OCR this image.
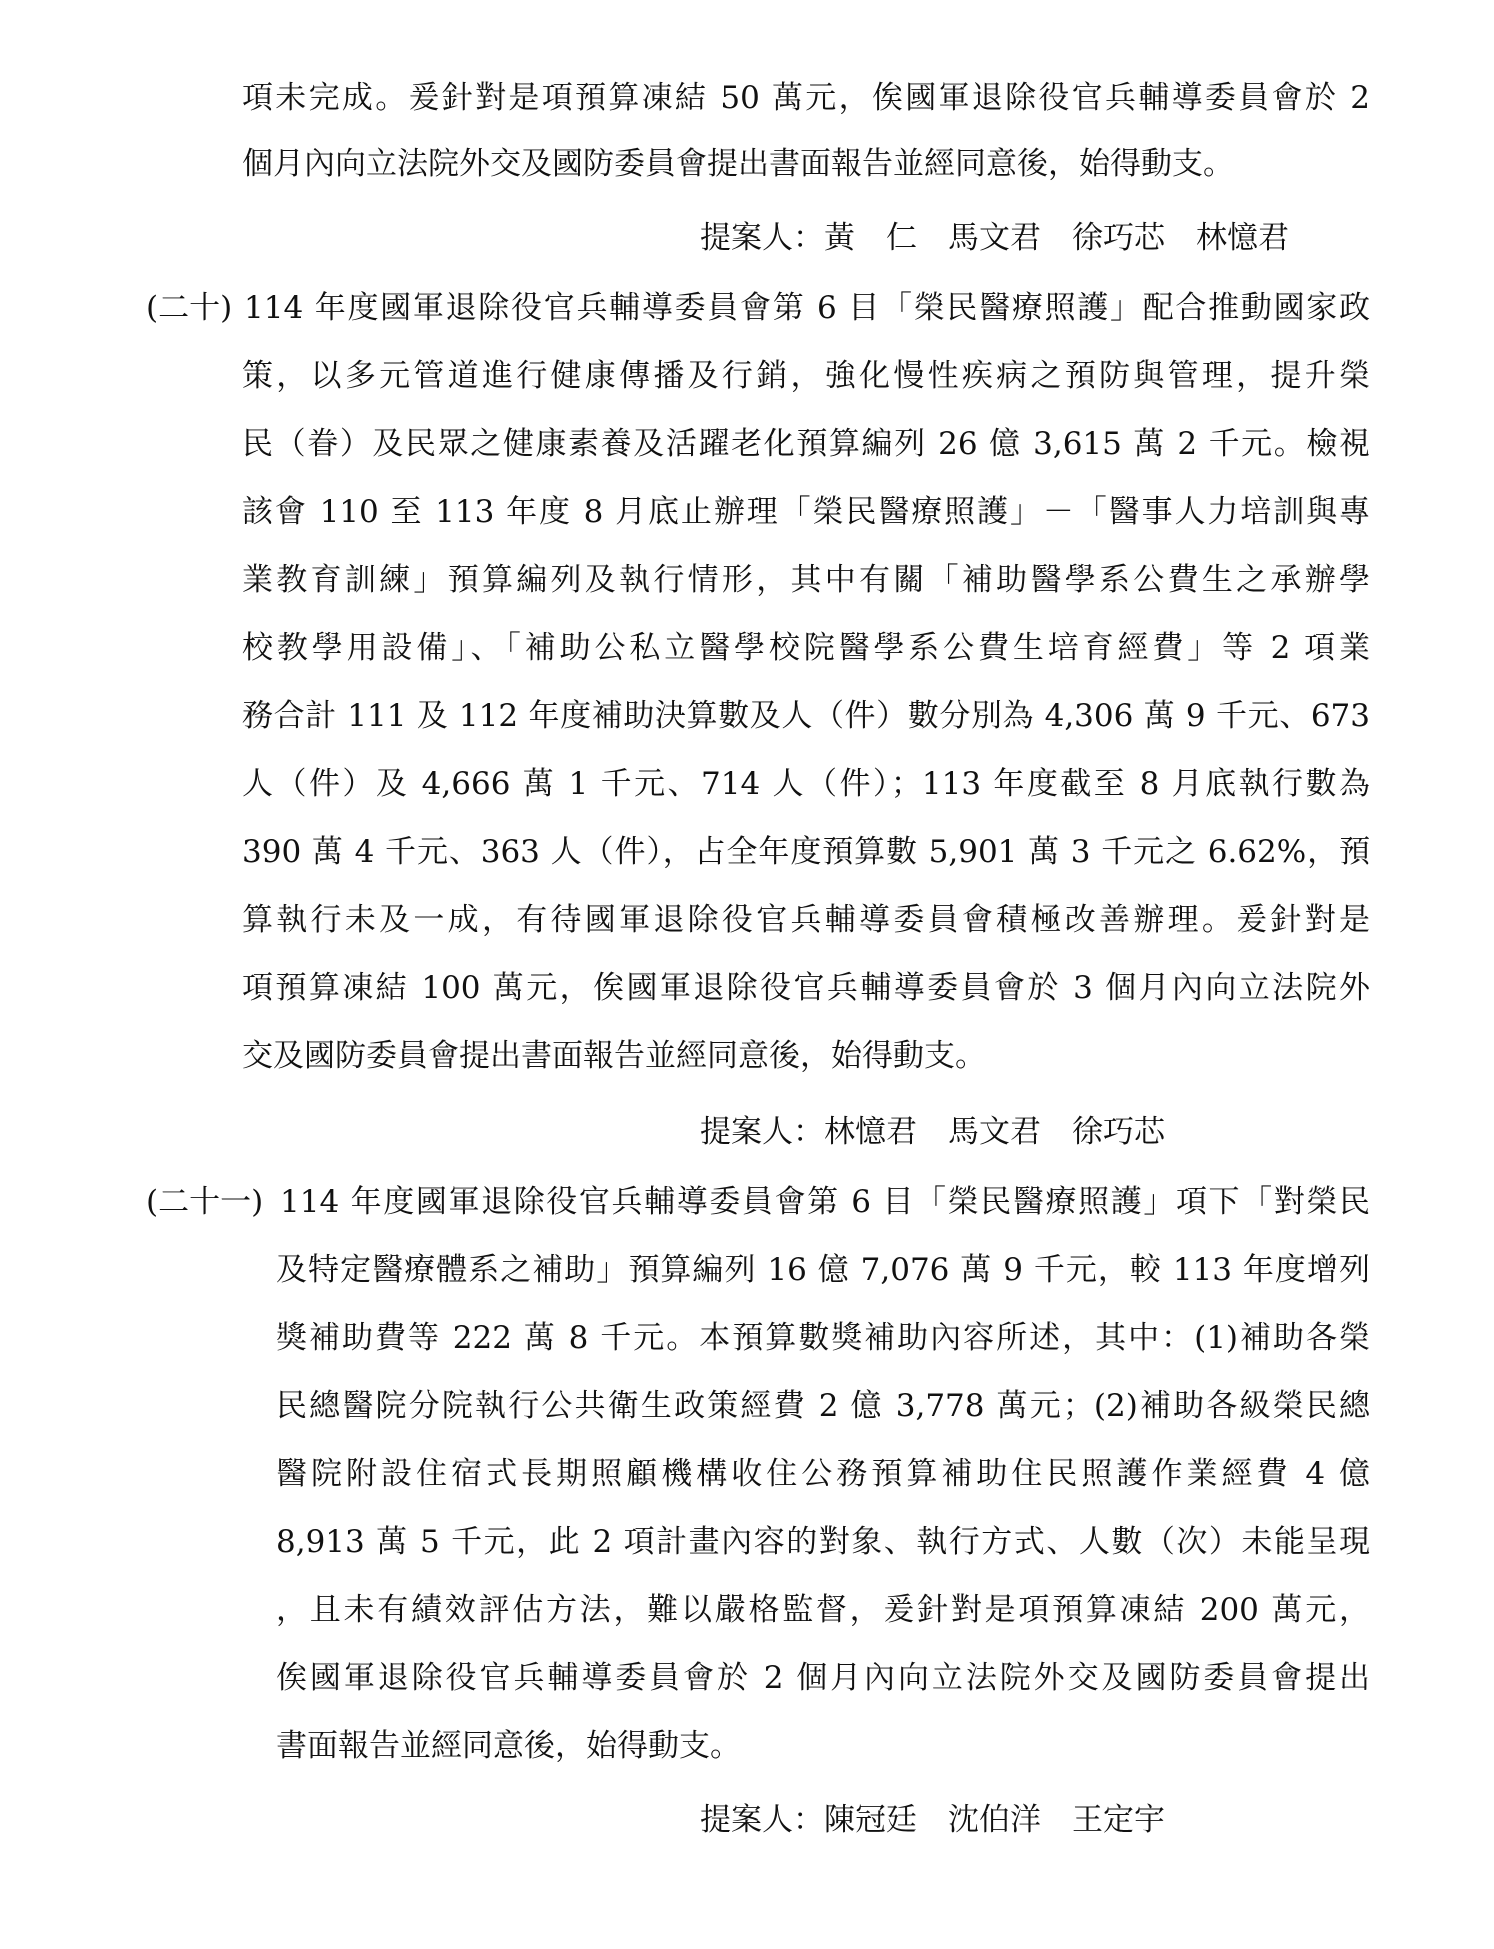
項未完成。爰針對是項預算凍結 50 萬元，俟國軍退除役官兵輔導委員會於 2
個月內向立法院外交及國防委員會提出書面報告並經同意後，始得動支。
提案人：黃　仁　馬文君　徐巧芯　林憶君
(二十) 114 年度國軍退除役官兵輔導委員會第 6 目「榮民醫療照護」配合推動國家政
策，以多元管道進行健康傳播及行銷，強化慢性疾病之預防與管理，提升榮
民（眷）及民眾之健康素養及活躍老化預算編列 26 億 3,615 萬 2 千元。檢視
該會 110 至 113 年度 8 月底止辦理「榮民醫療照護」－「醫事人力培訓與專
業教育訓練」預算編列及執行情形，其中有關「補助醫學系公費生之承辦學
校教學用設備」、「補助公私立醫學校院醫學系公費生培育經費」等 2 項業
務合計 111 及 112 年度補助決算數及人（件）數分別為 4,306 萬 9 千元、673
人（件）及 4,666 萬 1 千元、714 人（件）；113 年度截至 8 月底執行數為
390 萬 4 千元、363 人（件），占全年度預算數 5,901 萬 3 千元之 6.62%，預
算執行未及一成，有待國軍退除役官兵輔導委員會積極改善辦理。爰針對是
項預算凍結 100 萬元，俟國軍退除役官兵輔導委員會於 3 個月內向立法院外
交及國防委員會提出書面報告並經同意後，始得動支。
提案人：林憶君　馬文君　徐巧芯
(二十一) 114 年度國軍退除役官兵輔導委員會第 6 目「榮民醫療照護」項下「對榮民
及特定醫療體系之補助」預算編列 16 億 7,076 萬 9 千元，較 113 年度增列
獎補助費等 222 萬 8 千元。本預算數獎補助內容所述，其中：(1)補助各榮
民總醫院分院執行公共衛生政策經費 2 億 3,778 萬元；(2)補助各級榮民總
醫院附設住宿式長期照顧機構收住公務預算補助住民照護作業經費 4 億
8,913 萬 5 千元，此 2 項計畫內容的對象、執行方式、人數（次）未能呈現
，且未有績效評估方法，難以嚴格監督，爰針對是項預算凍結 200 萬元，
俟國軍退除役官兵輔導委員會於 2 個月內向立法院外交及國防委員會提出
書面報告並經同意後，始得動支。
提案人：陳冠廷　沈伯洋　王定宇
